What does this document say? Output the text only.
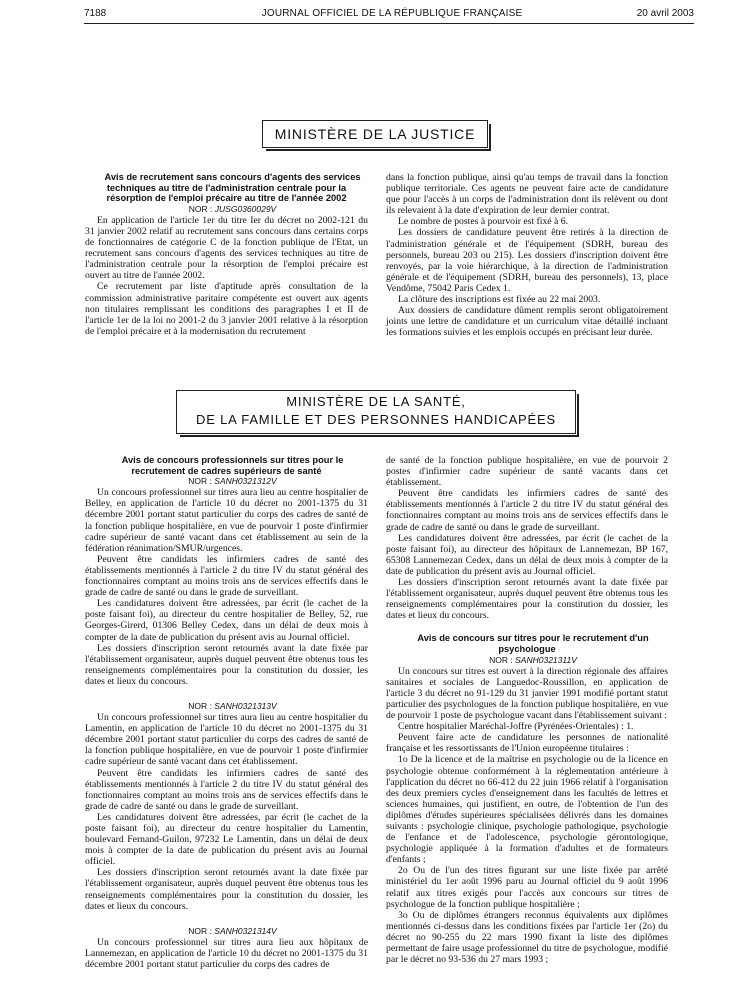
7188	JOURNAL OFFICIEL DE LA RÉPUBLIQUE FRANÇAISE	20 avril 2003
MINISTÈRE DE LA JUSTICE

Avis de recrutement sans concours d'agents des services techniques au titre de l'administration centrale pour la résorption de l'emploi précaire au titre de l'année 2002

NOR : JUSG0360029V

En application de l'article 1er du titre Ier du décret no 2002-121 du 31 janvier 2002 relatif au recrutement sans concours dans certains corps de fonctionnaires de catégorie C de la fonction publique de l'Etat, un recrutement sans concours d'agents des services techniques au titre de l'administration centrale pour la résorption de l'emploi précaire est ouvert au titre de l'année 2002.

Ce recrutement par liste d'aptitude après consultation de la commission administrative paritaire compétente est ouvert aux agents non titulaires remplissant les conditions des paragraphes I et II de l'article 1er de la loi no 2001-2 du 3 janvier 2001 relative à la résorption de l'emploi précaire et à la modernisation du recrutement

dans la fonction publique, ainsi qu'au temps de travail dans la fonction publique territoriale. Ces agents ne peuvent faire acte de candidature que pour l'accès à un corps de l'administration dont ils relèvent ou dont ils relevaient à la date d'expiration de leur dernier contrat.

Le nombre de postes à pourvoir est fixé à 6.

Les dossiers de candidature peuvent être retirés à la direction de l'administration générale et de l'équipement (SDRH, bureau des personnels, bureau 203 ou 215). Les dossiers d'inscription doivent être renvoyés, par la voie hiérarchique, à la direction de l'administration générale et de l'équipement (SDRH, bureau des personnels), 13, place Vendôme, 75042 Paris Cedex 1.

La clôture des inscriptions est fixée au 22 mai 2003.

Aux dossiers de candidature dûment remplis seront obligatoirement joints une lettre de candidature et un curriculum vitae détaillé incluant les formations suivies et les emplois occupés en précisant leur durée.

MINISTÈRE DE LA SANTÉ,
DE LA FAMILLE ET DES PERSONNES HANDICAPÉES

Avis de concours professionnels sur titres pour le recrutement de cadres supérieurs de santé

NOR : SANH0321312V

Un concours professionnel sur titres aura lieu au centre hospitalier de Belley, en application de l'article 10 du décret no 2001-1375 du 31 décembre 2001 portant statut particulier du corps des cadres de santé de la fonction publique hospitalière, en vue de pourvoir 1 poste d'infirmier cadre supérieur de santé vacant dans cet établissement au sein de la fédération réanimation/SMUR/urgences.

Peuvent être candidats les infirmiers cadres de santé des établissements mentionnés à l'article 2 du titre IV du statut général des fonctionnaires comptant au moins trois ans de services effectifs dans le grade de cadre de santé ou dans le grade de surveillant.

Les candidatures doivent être adressées, par écrit (le cachet de la poste faisant foi), au directeur du centre hospitalier de Belley, 52, rue Georges-Girerd, 01306 Belley Cedex, dans un délai de deux mois à compter de la date de publication du présent avis au Journal officiel.

Les dossiers d'inscription seront retournés avant la date fixée par l'établissement organisateur, auprès duquel peuvent être obtenus tous les renseignements complémentaires pour la constitution du dossier, les dates et lieux du concours.

NOR : SANH0321313V

Un concours professionnel sur titres aura lieu au centre hospitalier du Lamentin, en application de l'article 10 du décret no 2001-1375 du 31 décembre 2001 portant statut particulier du corps des cadres de santé de la fonction publique hospitalière, en vue de pourvoir 1 poste d'infirmier cadre supérieur de santé vacant dans cet établissement.

Peuvent être candidats les infirmiers cadres de santé des établissements mentionnés à l'article 2 du titre IV du statut général des fonctionnaires comptant au moins trois ans de services effectifs dans le grade de cadre de santé ou dans le grade de surveillant.

Les candidatures doivent être adressées, par écrit (le cachet de la poste faisant foi), au directeur du centre hospitalier du Lamentin, boulevard Fernand-Guilon, 97232 Le Lamentin, dans un délai de deux mois à compter de la date de publication du présent avis au Journal officiel.

Les dossiers d'inscription seront retournés avant la date fixée par l'établissement organisateur, auprès duquel peuvent être obtenus tous les renseignements complémentaires pour la constitution du dossier, les dates et lieux du concours.

NOR : SANH0321314V

Un concours professionnel sur titres aura lieu aux hôpitaux de Lannemezan, en application de l'article 10 du décret no 2001-1375 du 31 décembre 2001 portant statut particulier du corps des cadres de

de santé de la fonction publique hospitalière, en vue de pourvoir 2 postes d'infirmier cadre supérieur de santé vacants dans cet établissement.

Peuvent être candidats les infirmiers cadres de santé des établissements mentionnés à l'article 2 du titre IV du statut général des fonctionnaires comptant au moins trois ans de services effectifs dans le grade de cadre de santé ou dans le grade de surveillant.

Les candidatures doivent être adressées, par écrit (le cachet de la poste faisant foi), au directeur des hôpitaux de Lannemezan, BP 167, 65308 Lannemezan Cedex, dans un délai de deux mois à compter de la date de publication du présent avis au Journal officiel.

Les dossiers d'inscription seront retournés avant la date fixée par l'établissement organisateur, auprès duquel peuvent être obtenus tous les renseignements complémentaires pour la constitution du dossier, les dates et lieux du concours.

Avis de concours sur titres pour le recrutement d'un psychologue

NOR : SANH0321311V

Un concours sur titres est ouvert à la direction régionale des affaires sanitaires et sociales de Languedoc-Roussillon, en application de l'article 3 du décret no 91-129 du 31 janvier 1991 modifié portant statut particulier des psychologues de la fonction publique hospitalière, en vue de pourvoir 1 poste de psychologue vacant dans l'établissement suivant :

Centre hospitalier Maréchal-Joffre (Pyrénées-Orientales) : 1.

Peuvent faire acte de candidature les personnes de nationalité française et les ressortissants de l'Union européenne titulaires :

1o De la licence et de la maîtrise en psychologie ou de la licence en psychologie obtenue conformément à la réglementation antérieure à l'application du décret no 66-412 du 22 juin 1966 relatif à l'organisation des deux premiers cycles d'enseignement dans les facultés de lettres et sciences humaines, qui justifient, en outre, de l'obtention de l'un des diplômes d'études supérieures spécialisées délivrés dans les domaines suivants : psychologie clinique, psychologie pathologique, psychologie de l'enfance et de l'adolescence, psychologie gérontologique, psychologie appliquée à la formation d'adultes et de formateurs d'enfants ;

2o Ou de l'un des titres figurant sur une liste fixée par arrêté ministériel du 1er août 1996 paru au Journal officiel du 9 août 1996 relatif aux titres exigés pour l'accès aux concours sur titres de psychologue de la fonction publique hospitalière ;

3o Ou de diplômes étrangers reconnus équivalents aux diplômes mentionnés ci-dessus dans les conditions fixées par l'article 1er (2o) du décret no 90-255 du 22 mars 1990 fixant la liste des diplômes permettant de faire usage professionnel du titre de psychologue, modifié par le décret no 93-536 du 27 mars 1993 ;
